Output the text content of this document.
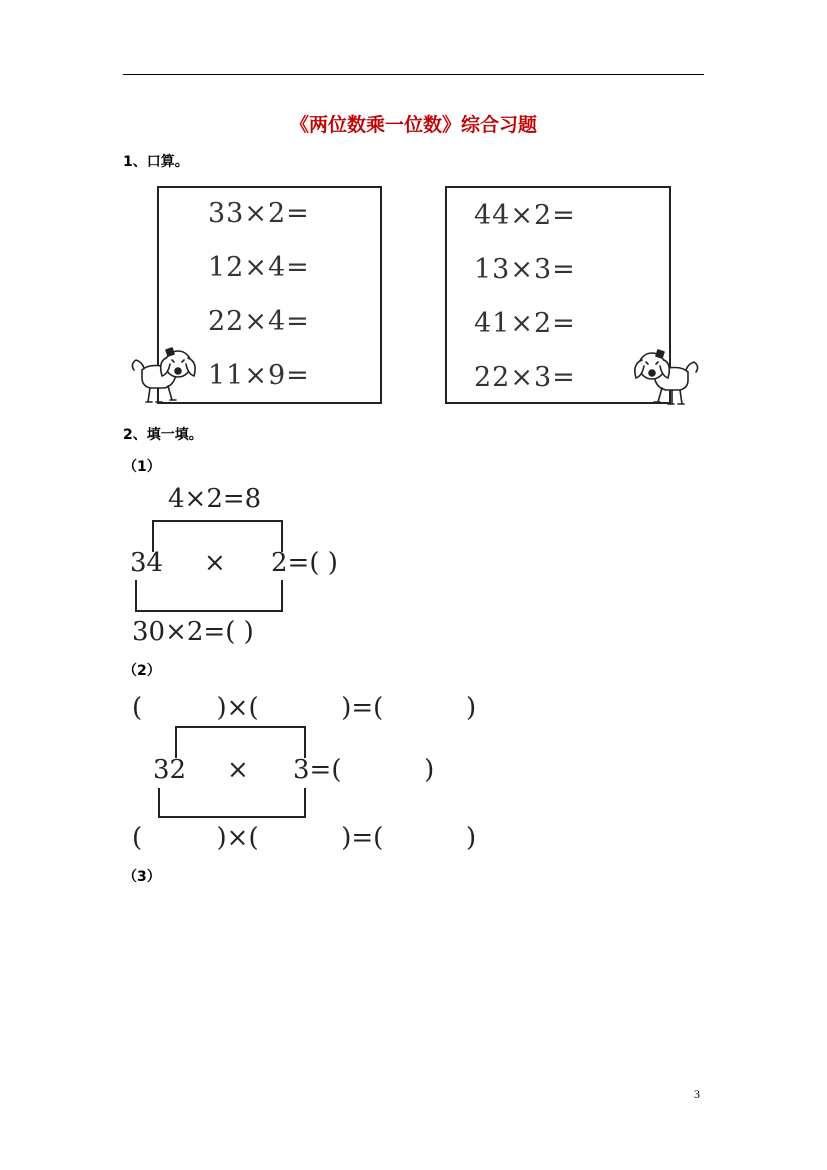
《两位数乘一位数》综合习题
1、口算。
33×2=
12×4=
22×4=
11×9=
44×2=
13×3=
41×2=
22×3=
2、填一填。
（1）
4×2=8
34 × 2=( )
30×2=( )
（2）
(         )×(          )=(          )
32 × 3=(          )
(         )×(          )=(          )
（3）
3
